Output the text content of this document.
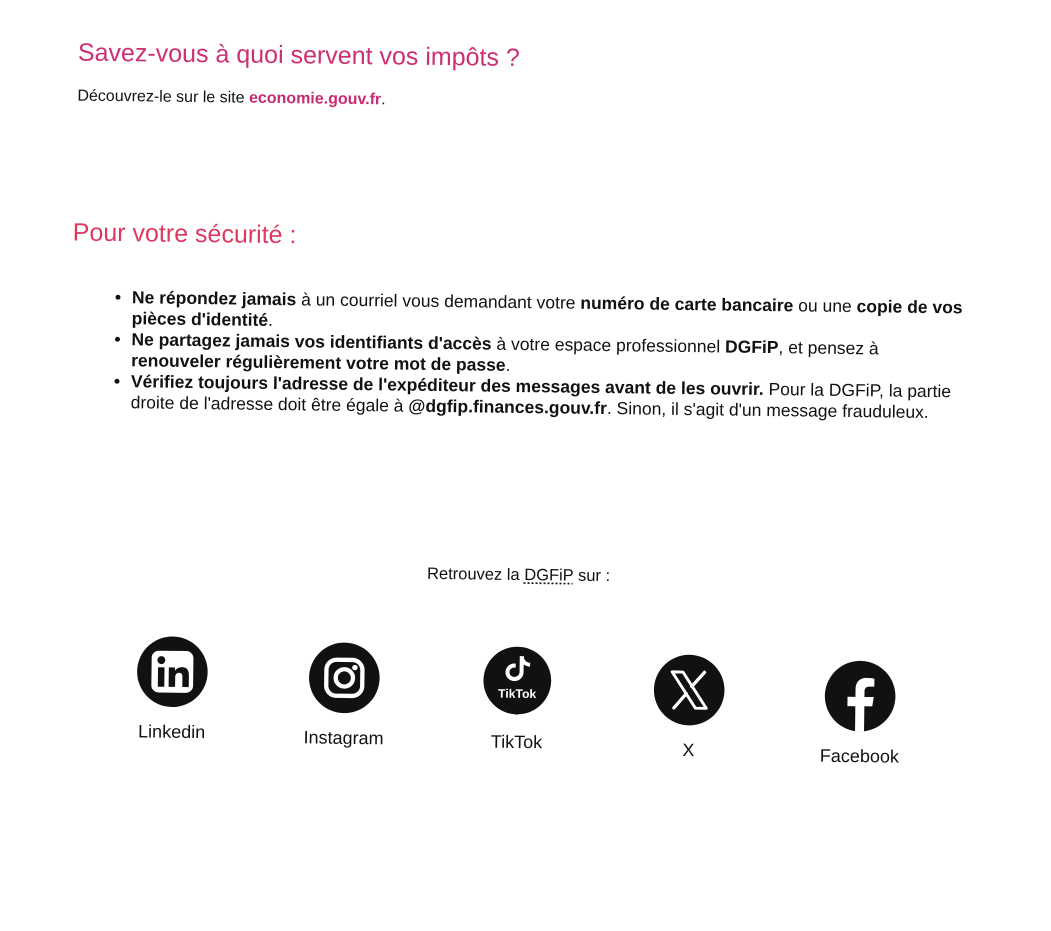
Savez-vous à quoi servent vos impôts ?
Découvrez-le sur le site economie.gouv.fr.
Pour votre sécurité :
• Ne répondez jamais à un courriel vous demandant votre numéro de carte bancaire ou une copie de vos pièces d'identité.
• Ne partagez jamais vos identifiants d'accès à votre espace professionnel DGFiP, et pensez à renouveler régulièrement votre mot de passe.
• Vérifiez toujours l'adresse de l'expéditeur des messages avant de les ouvrir. Pour la DGFiP, la partie droite de l'adresse doit être égale à @dgfip.finances.gouv.fr. Sinon, il s'agit d'un message frauduleux.
Retrouvez la DGFiP sur :
Linkedin	Instagram
TikTok
TikTok	X	Facebook
